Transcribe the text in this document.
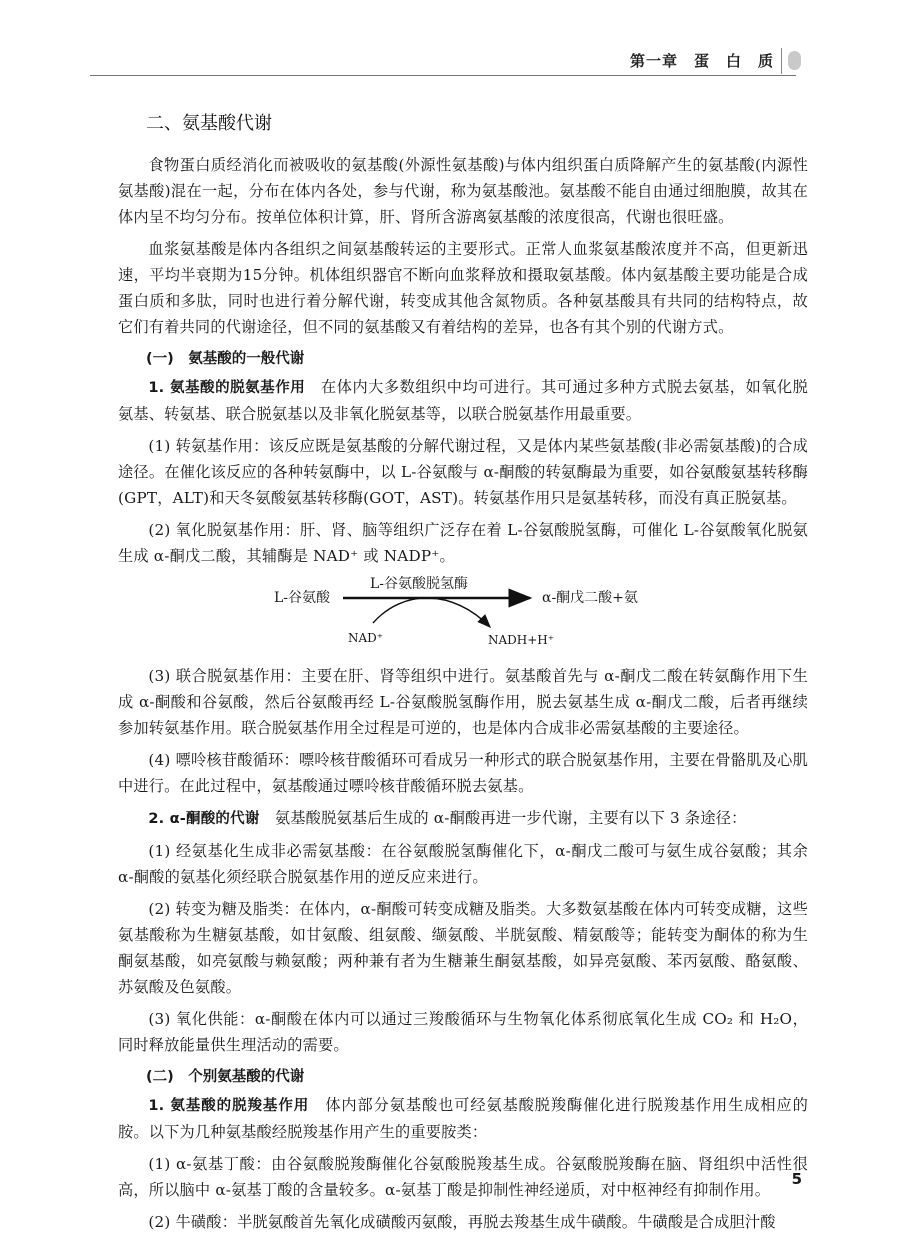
第一章　蛋　白　质
二、氨基酸代谢

食物蛋白质经消化而被吸收的氨基酸(外源性氨基酸)与体内组织蛋白质降解产生的氨基酸(内源性氨基酸)混在一起，分布在体内各处，参与代谢，称为氨基酸池。氨基酸不能自由通过细胞膜，故其在体内呈不均匀分布。按单位体积计算，肝、肾所含游离氨基酸的浓度很高，代谢也很旺盛。

血浆氨基酸是体内各组织之间氨基酸转运的主要形式。正常人血浆氨基酸浓度并不高，但更新迅速，平均半衰期为15分钟。机体组织器官不断向血浆释放和摄取氨基酸。体内氨基酸主要功能是合成蛋白质和多肽，同时也进行着分解代谢，转变成其他含氮物质。各种氨基酸具有共同的结构特点，故它们有着共同的代谢途径，但不同的氨基酸又有着结构的差异，也各有其个别的代谢方式。

(一)　氨基酸的一般代谢

1. 氨基酸的脱氨基作用　在体内大多数组织中均可进行。其可通过多种方式脱去氨基，如氧化脱氨基、转氨基、联合脱氨基以及非氧化脱氨基等，以联合脱氨基作用最重要。

(1) 转氨基作用：该反应既是氨基酸的分解代谢过程，又是体内某些氨基酸(非必需氨基酸)的合成途径。在催化该反应的各种转氨酶中，以 L-谷氨酸与 α-酮酸的转氨酶最为重要，如谷氨酸氨基转移酶(GPT，ALT)和天冬氨酸氨基转移酶(GOT，AST)。转氨基作用只是氨基转移，而没有真正脱氨基。

(2) 氧化脱氨基作用：肝、肾、脑等组织广泛存在着 L-谷氨酸脱氢酶，可催化 L-谷氨酸氧化脱氨生成 α-酮戊二酸，其辅酶是 NAD⁺ 或 NADP⁺。

L-谷氨酸
L-谷氨酸脱氢酶
α-酮戊二酸+氨
NAD⁺	NADH+H⁺

(3) 联合脱氨基作用：主要在肝、肾等组织中进行。氨基酸首先与 α-酮戊二酸在转氨酶作用下生成 α-酮酸和谷氨酸，然后谷氨酸再经 L-谷氨酸脱氢酶作用，脱去氨基生成 α-酮戊二酸，后者再继续参加转氨基作用。联合脱氨基作用全过程是可逆的，也是体内合成非必需氨基酸的主要途径。

(4) 嘌呤核苷酸循环：嘌呤核苷酸循环可看成另一种形式的联合脱氨基作用，主要在骨骼肌及心肌中进行。在此过程中，氨基酸通过嘌呤核苷酸循环脱去氨基。

2. α-酮酸的代谢　氨基酸脱氨基后生成的 α-酮酸再进一步代谢，主要有以下 3 条途径：

(1) 经氨基化生成非必需氨基酸：在谷氨酸脱氢酶催化下，α-酮戊二酸可与氨生成谷氨酸；其余 α-酮酸的氨基化须经联合脱氨基作用的逆反应来进行。

(2) 转变为糖及脂类：在体内，α-酮酸可转变成糖及脂类。大多数氨基酸在体内可转变成糖，这些氨基酸称为生糖氨基酸，如甘氨酸、组氨酸、缬氨酸、半胱氨酸、精氨酸等；能转变为酮体的称为生酮氨基酸，如亮氨酸与赖氨酸；两种兼有者为生糖兼生酮氨基酸，如异亮氨酸、苯丙氨酸、酪氨酸、苏氨酸及色氨酸。

(3) 氧化供能：α-酮酸在体内可以通过三羧酸循环与生物氧化体系彻底氧化生成 CO₂ 和 H₂O，同时释放能量供生理活动的需要。

(二)　个别氨基酸的代谢

1. 氨基酸的脱羧基作用　体内部分氨基酸也可经氨基酸脱羧酶催化进行脱羧基作用生成相应的胺。以下为几种氨基酸经脱羧基作用产生的重要胺类：

(1) α-氨基丁酸：由谷氨酸脱羧酶催化谷氨酸脱羧基生成。谷氨酸脱羧酶在脑、肾组织中活性很高，所以脑中 α-氨基丁酸的含量较多。α-氨基丁酸是抑制性神经递质，对中枢神经有抑制作用。

(2) 牛磺酸：半胱氨酸首先氧化成磺酸丙氨酸，再脱去羧基生成牛磺酸。牛磺酸是合成胆汁酸

5
